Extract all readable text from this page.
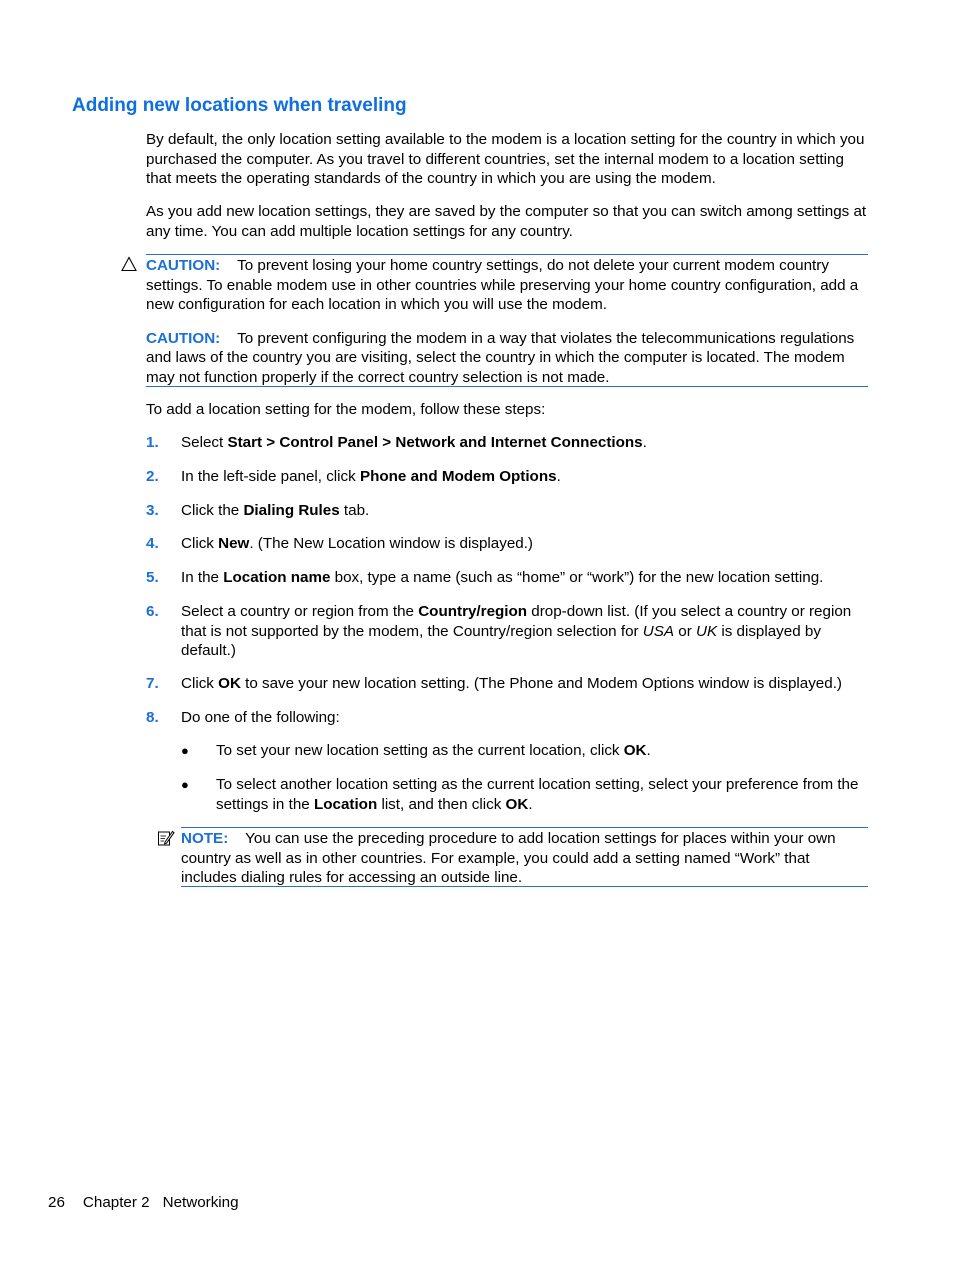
Adding new locations when traveling

By default, the only location setting available to the modem is a location setting for the country in which you purchased the computer. As you travel to different countries, set the internal modem to a location setting that meets the operating standards of the country in which you are using the modem.

As you add new location settings, they are saved by the computer so that you can switch among settings at any time. You can add multiple location settings for any country.

CAUTION: To prevent losing your home country settings, do not delete your current modem country settings. To enable modem use in other countries while preserving your home country configuration, add a new configuration for each location in which you will use the modem.

CAUTION: To prevent configuring the modem in a way that violates the telecommunications regulations and laws of the country you are visiting, select the country in which the computer is located. The modem may not function properly if the correct country selection is not made.

To add a location setting for the modem, follow these steps:

1. Select Start > Control Panel > Network and Internet Connections.
2. In the left-side panel, click Phone and Modem Options.
3. Click the Dialing Rules tab.
4. Click New. (The New Location window is displayed.)
5. In the Location name box, type a name (such as “home” or “work”) for the new location setting.
6. Select a country or region from the Country/region drop-down list. (If you select a country or region that is not supported by the modem, the Country/region selection for USA or UK is displayed by default.)
7. Click OK to save your new location setting. (The Phone and Modem Options window is displayed.)
8. Do one of the following:
● To set your new location setting as the current location, click OK.
● To select another location setting as the current location setting, select your preference from the settings in the Location list, and then click OK.

NOTE: You can use the preceding procedure to add location settings for places within your own country as well as in other countries. For example, you could add a setting named “Work” that includes dialing rules for accessing an outside line.

26 Chapter 2 Networking
